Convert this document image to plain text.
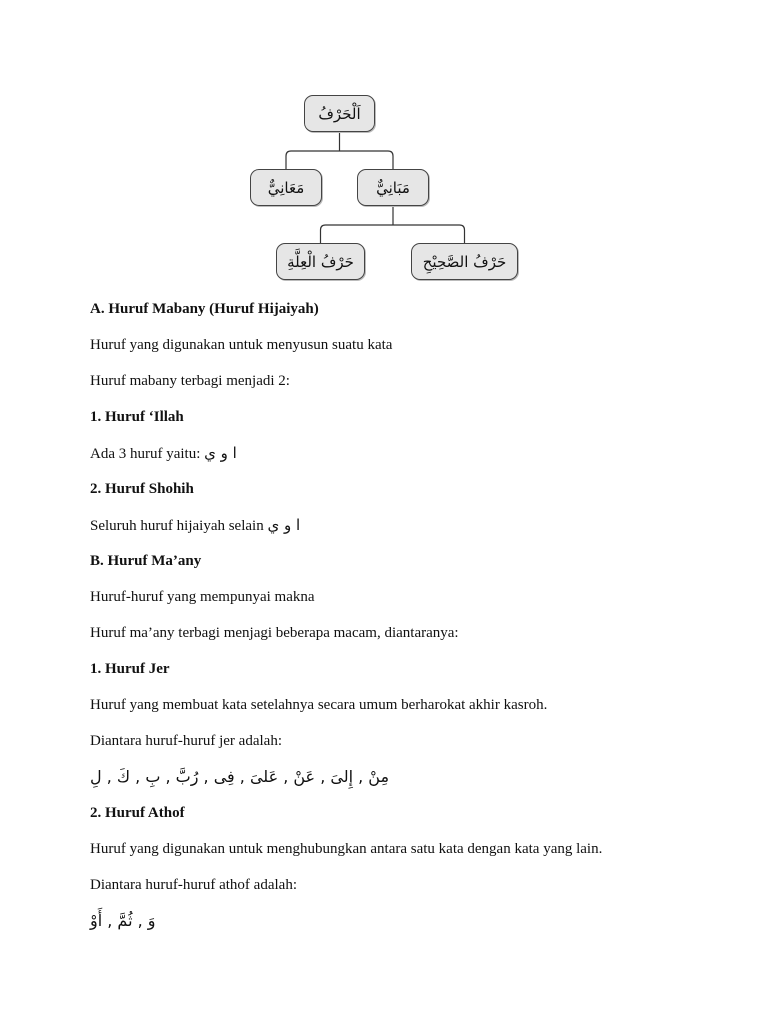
اَلْحَرْفُ
مَعَانِيٌّ	مَبَانِيٌّ
حَرْفُ الْعِلَّةِ	حَرْفُ الصَّحِيْحِ

A. Huruf Mabany (Huruf Hijaiyah)

Huruf yang digunakan untuk menyusun suatu kata

Huruf mabany terbagi menjadi 2:

1. Huruf ‘Illah

Ada 3 huruf yaitu: ا و ي

2. Huruf Shohih

Seluruh huruf hijaiyah selain ا و ي

B. Huruf Ma’any

Huruf-huruf yang mempunyai makna

Huruf ma’any terbagi menjagi beberapa macam, diantaranya:

1. Huruf Jer

Huruf yang membuat kata setelahnya secara umum berharokat akhir kasroh.

Diantara huruf-huruf jer adalah:

مِنْ , إِلىَ , عَنْ , عَلىَ , فِى , رُبَّ , بِ , كَ , لِ

2. Huruf Athof

Huruf yang digunakan untuk menghubungkan antara satu kata dengan kata yang lain.

Diantara huruf-huruf athof adalah:

وَ , ثُمَّ , أَوْ
